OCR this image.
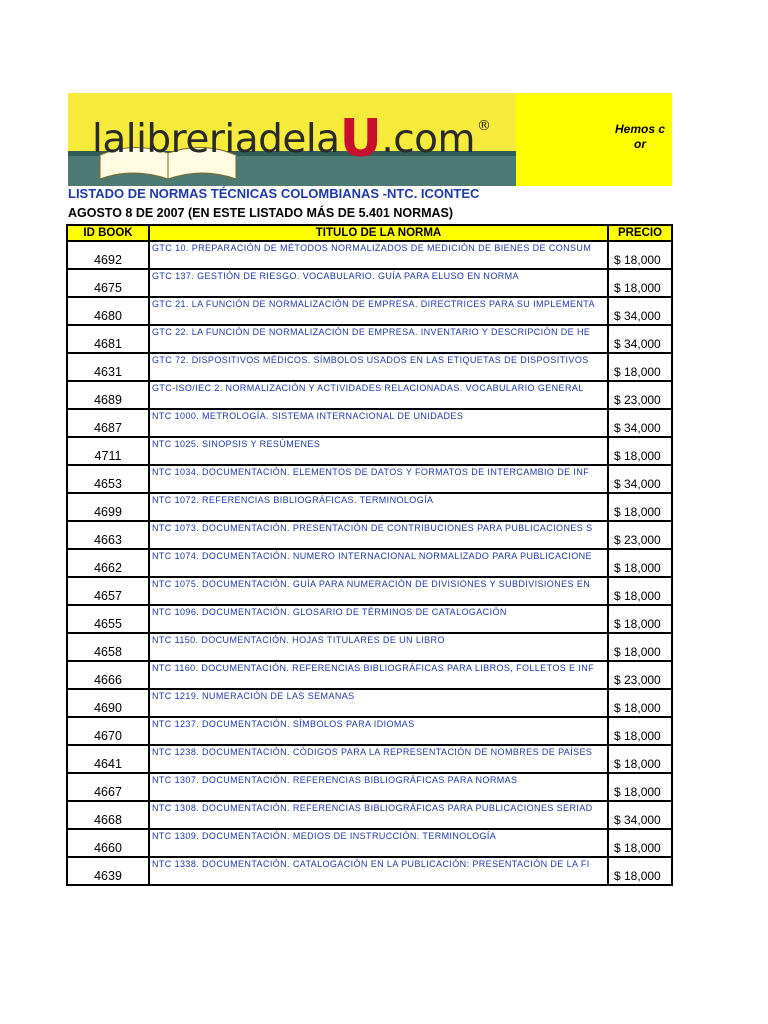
lalibreriadelaU.com ®	Hemos c
or
LISTADO DE NORMAS TÉCNICAS COLOMBIANAS -NTC. ICONTEC
AGOSTO 8 DE 2007 (EN ESTE LISTADO MÁS DE 5.401 NORMAS)
ID BOOK	TITULO DE LA NORMA	PRECIO
4692	GTC 10. PREPARACIÓN DE MÉTODOS NORMALIZADOS DE MEDICIÓN DE BIENES DE CONSUM	$ 18,000
4675	GTC 137. GESTIÓN DE RIESGO. VOCABULARIO. GUÍA PARA ELUSO EN NORMA	$ 18,000
4680	GTC 21. LA FUNCIÓN DE NORMALIZACIÓN DE EMPRESA. DIRECTRICES PARA SU IMPLEMENTA	$ 34,000
4681	GTC 22. LA FUNCIÓN DE NORMALIZACIÓN DE EMPRESA. INVENTARIO Y DESCRIPCIÓN DE HE	$ 34,000
4631	GTC 72. DISPOSITIVOS MÉDICOS. SÍMBOLOS USADOS EN LAS ETIQUETAS DE DISPOSITIVOS	$ 18,000
4689	GTC-ISO/IEC 2. NORMALIZACIÓN Y ACTIVIDADES RELACIONADAS. VOCABULARIO GENERAL	$ 23,000
4687	NTC 1000. METROLOGÍA. SISTEMA INTERNACIONAL DE UNIDADES	$ 34,000
4711	NTC 1025. SINOPSIS Y RESÚMENES	$ 18,000
4653	NTC 1034. DOCUMENTACIÓN. ELEMENTOS DE DATOS Y FORMATOS DE INTERCAMBIO DE INF	$ 34,000
4699	NTC 1072. REFERENCIAS BIBLIOGRÁFICAS. TERMINOLOGÍA	$ 18,000
4663	NTC 1073. DOCUMENTACIÓN. PRESENTACIÓN DE CONTRIBUCIONES PARA PUBLICACIONES S	$ 23,000
4662	NTC 1074. DOCUMENTACIÓN. NUMERO INTERNACIONAL NORMALIZADO PARA PUBLICACIONE	$ 18,000
4657	NTC 1075. DOCUMENTACIÓN. GUÍA PARA NUMERACIÓN DE DIVISIONES Y SUBDIVISIONES EN	$ 18,000
4655	NTC 1096. DOCUMENTACIÓN. GLOSARIO DE TÉRMINOS DE CATALOGACIÓN	$ 18,000
4658	NTC 1150. DOCUMENTACIÓN. HOJAS TITULARES DE UN LIBRO	$ 18,000
4666	NTC 1160. DOCUMENTACIÓN. REFERENCIAS BIBLIOGRÁFICAS PARA LIBROS, FOLLETOS E INF	$ 23,000
4690	NTC 1219. NUMERACIÓN DE LAS SEMANAS	$ 18,000
4670	NTC 1237. DOCUMENTACIÓN. SÍMBOLOS PARA IDIOMAS	$ 18,000
4641	NTC 1238. DOCUMENTACIÓN. CÓDIGOS PARA LA REPRESENTACIÓN DE NOMBRES DE PAÍSES	$ 18,000
4667	NTC 1307. DOCUMENTACIÓN. REFERENCIAS BIBLIOGRÁFICAS PARA NORMAS	$ 18,000
4668	NTC 1308. DOCUMENTACIÓN. REFERENCIAS BIBLIOGRÁFICAS PARA PUBLICACIONES SERIAD	$ 34,000
4660	NTC 1309. DOCUMENTACIÓN. MEDIOS DE INSTRUCCIÓN. TERMINOLOGÍA	$ 18,000
4639	NTC 1338. DOCUMENTACIÓN. CATALOGACIÓN EN LA PUBLICACIÓN: PRESENTACIÓN DE LA FI	$ 18,000
